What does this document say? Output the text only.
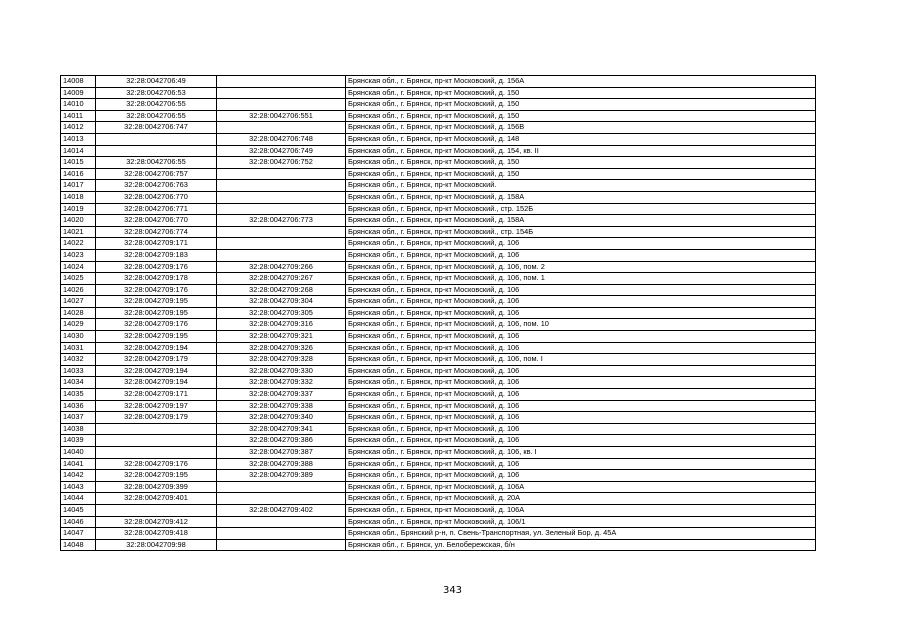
14008	32:28:0042706:49		Брянская обл., г. Брянск, пр-кт Московский, д. 156А
14009	32:28:0042706:53		Брянская обл., г. Брянск, пр-кт Московский, д. 150
14010	32:28:0042706:55		Брянская обл., г. Брянск, пр-кт Московский, д. 150
14011	32:28:0042706:55	32:28:0042706:551	Брянская обл., г. Брянск, пр-кт Московский, д. 150
14012	32:28:0042706:747		Брянская обл., г. Брянск, пр-кт Московский, д. 156В
14013		32:28:0042706:748	Брянская обл., г. Брянск, пр-кт Московский, д. 148
14014		32:28:0042706:749	Брянская обл., г. Брянск, пр-кт Московский, д. 154, кв. II
14015	32:28:0042706:55	32:28:0042706:752	Брянская обл., г. Брянск, пр-кт Московский, д. 150
14016	32:28:0042706:757		Брянская обл., г. Брянск, пр-кт Московский, д. 150
14017	32:28:0042706:763		Брянская обл., г. Брянск, пр-кт Московский.
14018	32:28:0042706:770		Брянская обл., г. Брянск, пр-кт Московский, д. 158А
14019	32:28:0042706:771		Брянская обл., г. Брянск, пр-кт Московский., стр. 152Б
14020	32:28:0042706:770	32:28:0042706:773	Брянская обл., г. Брянск, пр-кт Московский, д. 158А
14021	32:28:0042706:774		Брянская обл., г. Брянск, пр-кт Московский., стр. 154Б
14022	32:28:0042709:171		Брянская обл., г. Брянск, пр-кт Московский, д. 106
14023	32:28:0042709:183		Брянская обл., г. Брянск, пр-кт Московский, д. 106
14024	32:28:0042709:176	32:28:0042709:266	Брянская обл., г. Брянск, пр-кт Московский, д. 106, пом. 2
14025	32:28:0042709:178	32:28:0042709:267	Брянская обл., г. Брянск, пр-кт Московский, д. 106, пом. 1
14026	32:28:0042709:176	32:28:0042709:268	Брянская обл., г. Брянск, пр-кт Московский, д. 106
14027	32:28:0042709:195	32:28:0042709:304	Брянская обл., г. Брянск, пр-кт Московский, д. 106
14028	32:28:0042709:195	32:28:0042709:305	Брянская обл., г. Брянск, пр-кт Московский, д. 106
14029	32:28:0042709:176	32:28:0042709:316	Брянская обл., г. Брянск, пр-кт Московский, д. 106, пом. 10
14030	32:28:0042709:195	32:28:0042709:321	Брянская обл., г. Брянск, пр-кт Московский, д. 106
14031	32:28:0042709:194	32:28:0042709:326	Брянская обл., г. Брянск, пр-кт Московский, д. 106
14032	32:28:0042709:179	32:28:0042709:328	Брянская обл., г. Брянск, пр-кт Московский, д. 106, пом. I
14033	32:28:0042709:194	32:28:0042709:330	Брянская обл., г. Брянск, пр-кт Московский, д. 106
14034	32:28:0042709:194	32:28:0042709:332	Брянская обл., г. Брянск, пр-кт Московский, д. 106
14035	32:28:0042709:171	32:28:0042709:337	Брянская обл., г. Брянск, пр-кт Московский, д. 106
14036	32:28:0042709:197	32:28:0042709:338	Брянская обл., г. Брянск, пр-кт Московский, д. 106
14037	32:28:0042709:179	32:28:0042709:340	Брянская обл., г. Брянск, пр-кт Московский, д. 106
14038		32:28:0042709:341	Брянская обл., г. Брянск, пр-кт Московский, д. 106
14039		32:28:0042709:386	Брянская обл., г. Брянск, пр-кт Московский, д. 106
14040		32:28:0042709:387	Брянская обл., г. Брянск, пр-кт Московский, д. 106, кв. I
14041	32:28:0042709:176	32:28:0042709:388	Брянская обл., г. Брянск, пр-кт Московский, д. 106
14042	32:28:0042709:195	32:28:0042709:389	Брянская обл., г. Брянск, пр-кт Московский, д. 106
14043	32:28:0042709:399		Брянская обл., г. Брянск, пр-кт Московский, д. 106А
14044	32:28:0042709:401		Брянская обл., г. Брянск, пр-кт Московский, д. 20А
14045		32:28:0042709:402	Брянская обл., г. Брянск, пр-кт Московский, д. 106А
14046	32:28:0042709:412		Брянская обл., г. Брянск, пр-кт Московский, д. 106/1
14047	32:28:0042709:418		Брянская обл., Брянский р-н, п. Свень-Транспортная, ул. Зеленый Бор, д. 45А
14048	32:28:0042709:98		Брянская обл., г. Брянск, ул. Белобережская, б/н
343
